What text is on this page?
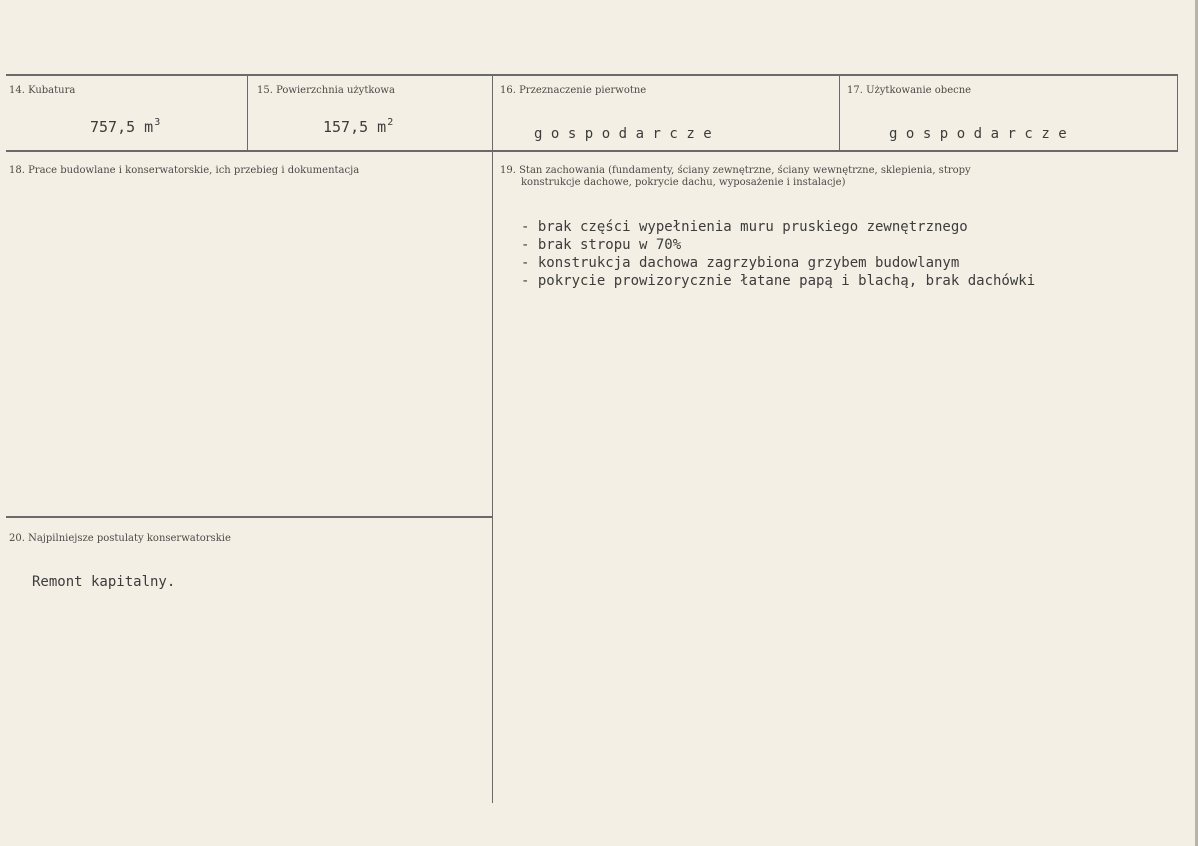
14. Kubatura
757,5 $m^3$
15. Powierzchnia użytkowa
157,5 $m^2$
16. Przeznaczenie pierwotne
gospodarcze
17. Użytkowanie obecne
gospodarcze
18. Prace budowlane i konserwatorskie, ich przebieg i dokumentacja	19. Stan zachowania (fundamenty, ściany zewnętrzne, ściany wewnętrzne, sklepienia, stropy
konstrukcje dachowe, pokrycie dachu, wyposażenie i instalacje)
- brak części wypełnienia muru pruskiego zewnętrznego
- brak stropu w 70%
- konstrukcja dachowa zagrzybiona grzybem budowlanym
- pokrycie prowizorycznie łatane papą i blachą, brak dachówki
20. Najpilniejsze postulaty konserwatorskie
Remont kapitalny.
